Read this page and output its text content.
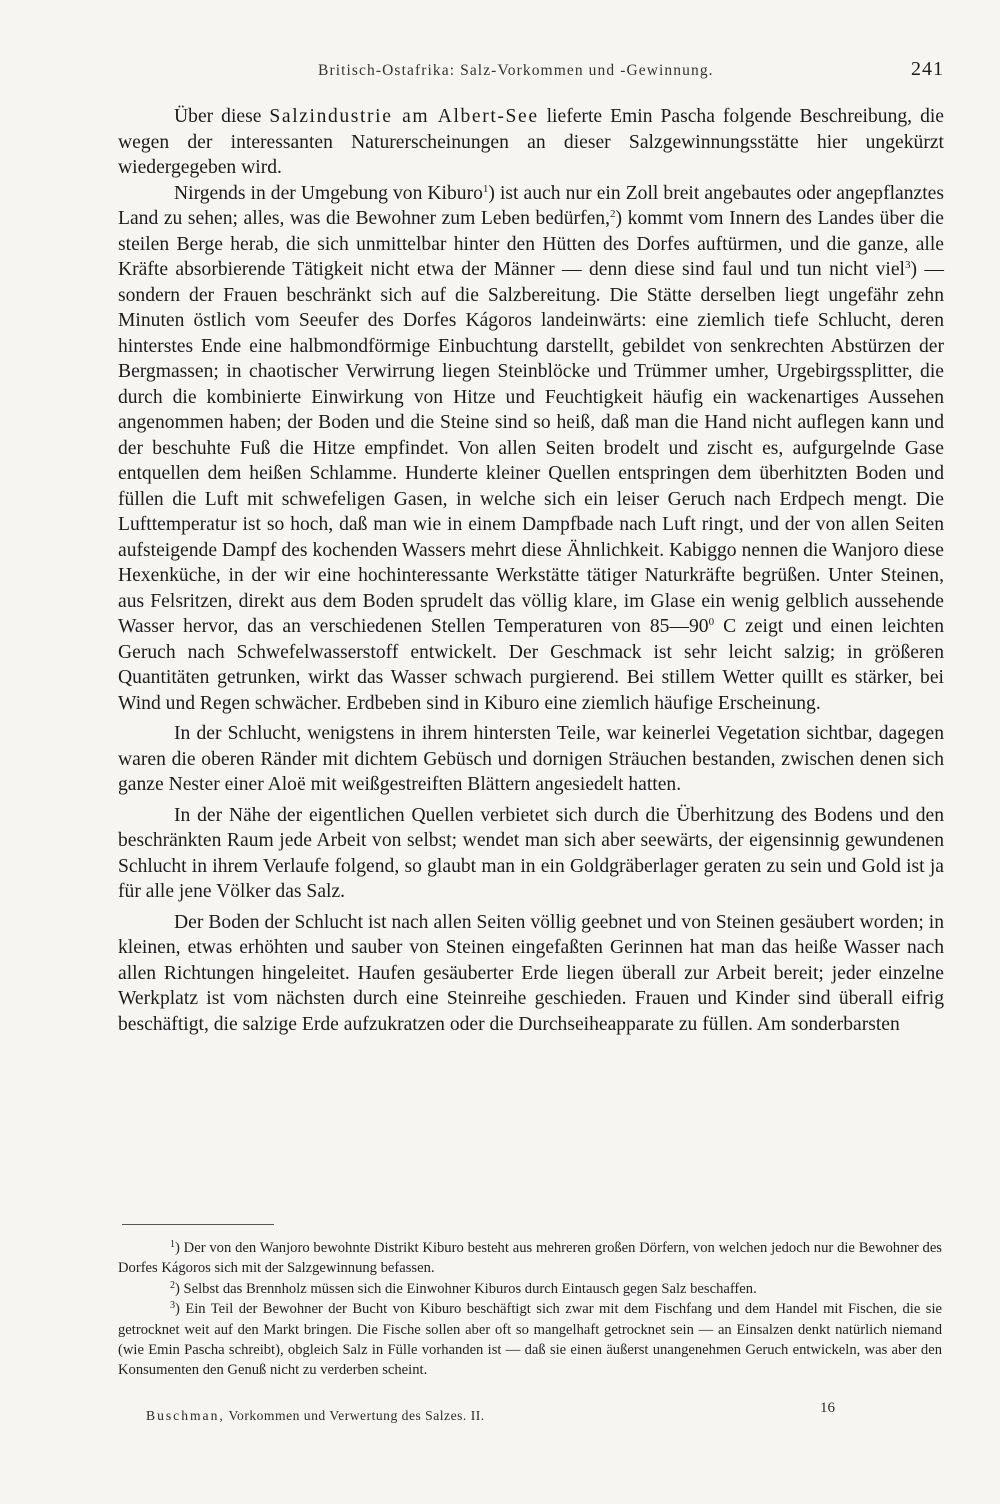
Britisch-Ostafrika: Salz-Vorkommen und -Gewinnung.	241

Über diese Salzindustrie am Albert-See lieferte Emin Pascha folgende Beschreibung, die wegen der interessanten Naturerscheinungen an dieser Salzgewinnungsstätte hier ungekürzt wiedergegeben wird.

Nirgends in der Umgebung von Kiburo$^1$) ist auch nur ein Zoll breit angebautes oder angepflanztes Land zu sehen; alles, was die Bewohner zum Leben bedürfen,$^2$) kommt vom Innern des Landes über die steilen Berge herab, die sich unmittelbar hinter den Hütten des Dorfes auftürmen, und die ganze, alle Kräfte absorbierende Tätigkeit nicht etwa der Männer — denn diese sind faul und tun nicht viel$^3$) — sondern der Frauen beschränkt sich auf die Salzbereitung. Die Stätte derselben liegt ungefähr zehn Minuten östlich vom Seeufer des Dorfes Kágoros landeinwärts: eine ziemlich tiefe Schlucht, deren hinterstes Ende eine halbmondförmige Einbuchtung darstellt, gebildet von senkrechten Abstürzen der Bergmassen; in chaotischer Verwirrung liegen Steinblöcke und Trümmer umher, Urgebirgssplitter, die durch die kombinierte Einwirkung von Hitze und Feuchtigkeit häufig ein wackenartiges Aussehen angenommen haben; der Boden und die Steine sind so heiß, daß man die Hand nicht auflegen kann und der beschuhte Fuß die Hitze empfindet. Von allen Seiten brodelt und zischt es, aufgurgelnde Gase entquellen dem heißen Schlamme. Hunderte kleiner Quellen entspringen dem überhitzten Boden und füllen die Luft mit schwefeligen Gasen, in welche sich ein leiser Geruch nach Erdpech mengt. Die Lufttemperatur ist so hoch, daß man wie in einem Dampfbade nach Luft ringt, und der von allen Seiten aufsteigende Dampf des kochenden Wassers mehrt diese Ähnlichkeit. Kabiggo nennen die Wanjoro diese Hexenküche, in der wir eine hochinteressante Werkstätte tätiger Naturkräfte begrüßen. Unter Steinen, aus Felsritzen, direkt aus dem Boden sprudelt das völlig klare, im Glase ein wenig gelblich aussehende Wasser hervor, das an verschiedenen Stellen Temperaturen von $85—90^0$ C zeigt und einen leichten Geruch nach Schwefelwasserstoff entwickelt. Der Geschmack ist sehr leicht salzig; in größeren Quantitäten getrunken, wirkt das Wasser schwach purgierend. Bei stillem Wetter quillt es stärker, bei Wind und Regen schwächer. Erdbeben sind in Kiburo eine ziemlich häufige Erscheinung.

In der Schlucht, wenigstens in ihrem hintersten Teile, war keinerlei Vegetation sichtbar, dagegen waren die oberen Ränder mit dichtem Gebüsch und dornigen Sträuchen bestanden, zwischen denen sich ganze Nester einer Aloë mit weißgestreiften Blättern angesiedelt hatten.

In der Nähe der eigentlichen Quellen verbietet sich durch die Überhitzung des Bodens und den beschränkten Raum jede Arbeit von selbst; wendet man sich aber seewärts, der eigensinnig gewundenen Schlucht in ihrem Verlaufe folgend, so glaubt man in ein Goldgräberlager geraten zu sein und Gold ist ja für alle jene Völker das Salz.

Der Boden der Schlucht ist nach allen Seiten völlig geebnet und von Steinen gesäubert worden; in kleinen, etwas erhöhten und sauber von Steinen eingefaßten Gerinnen hat man das heiße Wasser nach allen Richtungen hingeleitet. Haufen gesäuberter Erde liegen überall zur Arbeit bereit; jeder einzelne Werkplatz ist vom nächsten durch eine Steinreihe geschieden. Frauen und Kinder sind überall eifrig beschäftigt, die salzige Erde aufzukratzen oder die Durchseiheapparate zu füllen. Am sonderbarsten

$^1$) Der von den Wanjoro bewohnte Distrikt Kiburo besteht aus mehreren großen Dörfern, von welchen jedoch nur die Bewohner des Dorfes Kágoros sich mit der Salzgewinnung befassen.

$^2$) Selbst das Brennholz müssen sich die Einwohner Kiburos durch Eintausch gegen Salz beschaffen.

$^3$) Ein Teil der Bewohner der Bucht von Kiburo beschäftigt sich zwar mit dem Fischfang und dem Handel mit Fischen, die sie getrocknet weit auf den Markt bringen. Die Fische sollen aber oft so mangelhaft getrocknet sein — an Einsalzen denkt natürlich niemand (wie Emin Pascha schreibt), obgleich Salz in Fülle vorhanden ist — daß sie einen äußerst unangenehmen Geruch entwickeln, was aber den Konsumenten den Genuß nicht zu verderben scheint.

Buschman, Vorkommen und Verwertung des Salzes. II.	16
